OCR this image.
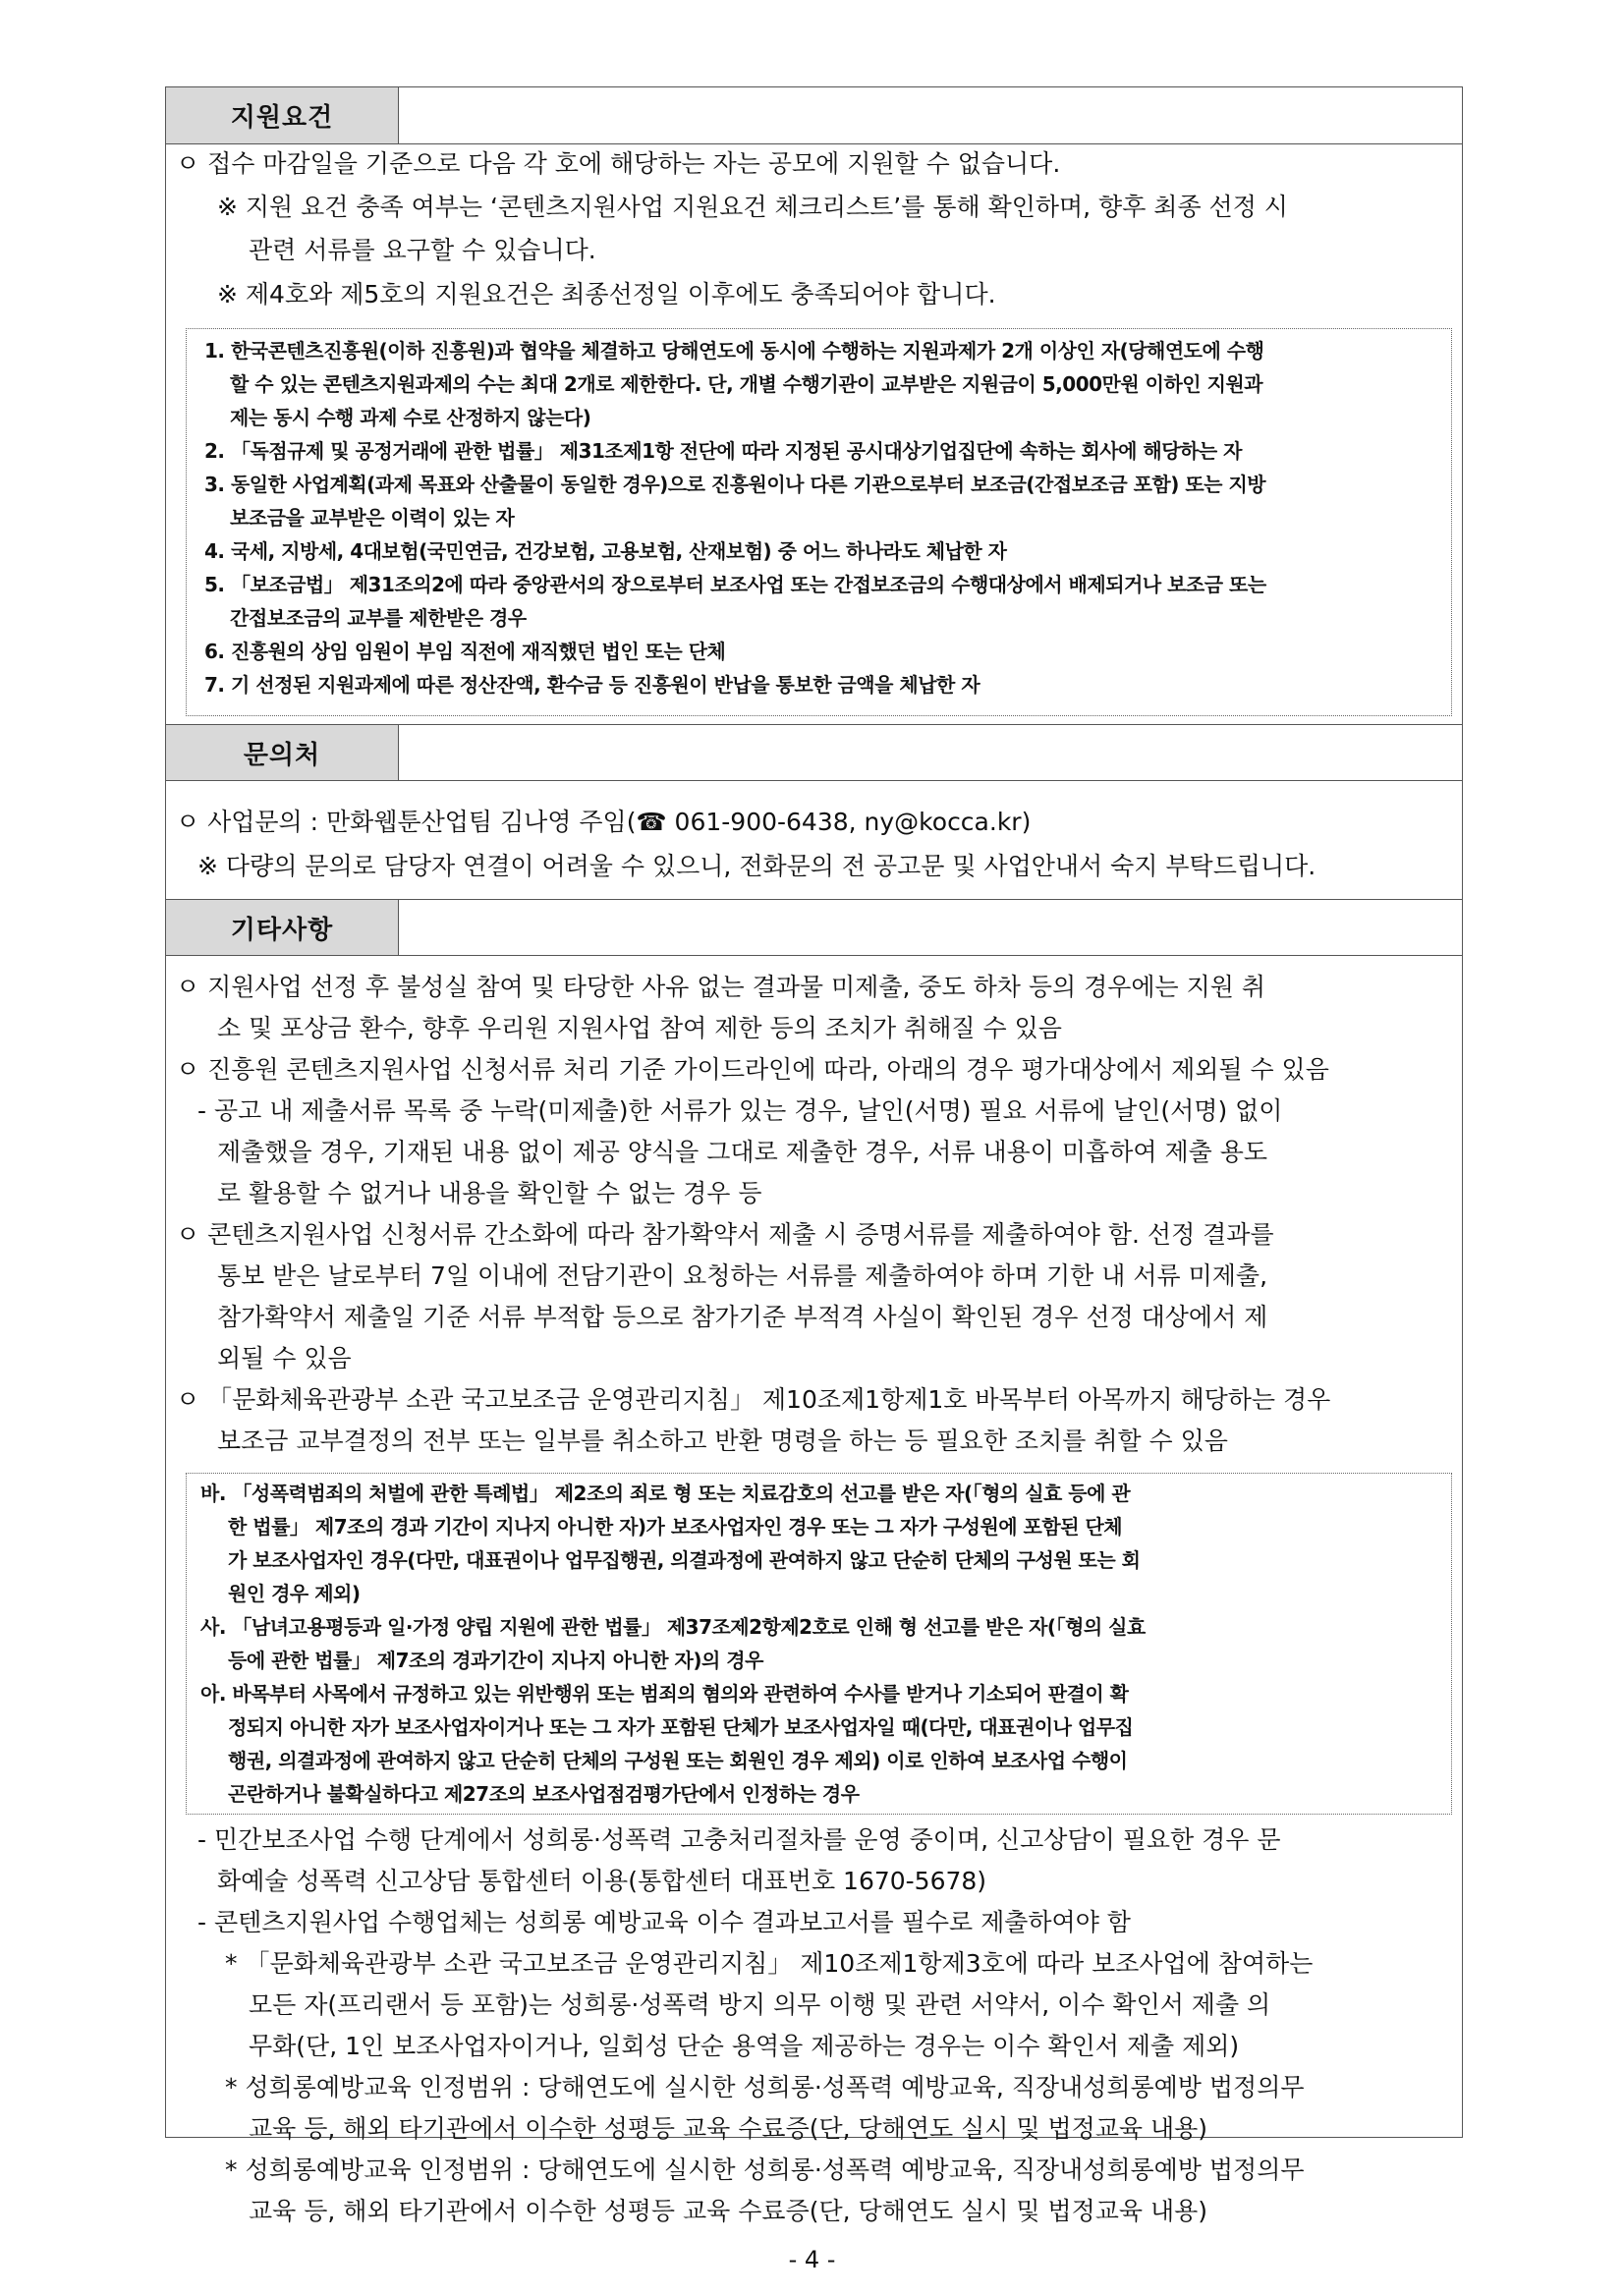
지원요건
ㅇ 접수 마감일을 기준으로 다음 각 호에 해당하는 자는 공모에 지원할 수 없습니다.
※ 지원 요건 충족 여부는 ‘콘텐츠지원사업 지원요건 체크리스트’를 통해 확인하며, 향후 최종 선정 시
관련 서류를 요구할 수 있습니다.
※ 제4호와 제5호의 지원요건은 최종선정일 이후에도 충족되어야 합니다.
1. 한국콘텐츠진흥원(이하 진흥원)과 협약을 체결하고 당해연도에 동시에 수행하는 지원과제가 2개 이상인 자(당해연도에 수행
할 수 있는 콘텐츠지원과제의 수는 최대 2개로 제한한다. 단, 개별 수행기관이 교부받은 지원금이 5,000만원 이하인 지원과
제는 동시 수행 과제 수로 산정하지 않는다)
2. 「독점규제 및 공정거래에 관한 법률」 제31조제1항 전단에 따라 지정된 공시대상기업집단에 속하는 회사에 해당하는 자
3. 동일한 사업계획(과제 목표와 산출물이 동일한 경우)으로 진흥원이나 다른 기관으로부터 보조금(간접보조금 포함) 또는 지방
보조금을 교부받은 이력이 있는 자
4. 국세, 지방세, 4대보험(국민연금, 건강보험, 고용보험, 산재보험) 중 어느 하나라도 체납한 자
5. 「보조금법」 제31조의2에 따라 중앙관서의 장으로부터 보조사업 또는 간접보조금의 수행대상에서 배제되거나 보조금 또는
간접보조금의 교부를 제한받은 경우
6. 진흥원의 상임 임원이 부임 직전에 재직했던 법인 또는 단체
7. 기 선정된 지원과제에 따른 정산잔액, 환수금 등 진흥원이 반납을 통보한 금액을 체납한 자
문의처
ㅇ 사업문의 : 만화웹툰산업팀 김나영 주임(☎ 061-900-6438, ny@kocca.kr)
※ 다량의 문의로 담당자 연결이 어려울 수 있으니, 전화문의 전 공고문 및 사업안내서 숙지 부탁드립니다.
기타사항
ㅇ 지원사업 선정 후 불성실 참여 및 타당한 사유 없는 결과물 미제출, 중도 하차 등의 경우에는 지원 취
소 및 포상금 환수, 향후 우리원 지원사업 참여 제한 등의 조치가 취해질 수 있음
ㅇ 진흥원 콘텐츠지원사업 신청서류 처리 기준 가이드라인에 따라, 아래의 경우 평가대상에서 제외될 수 있음
- 공고 내 제출서류 목록 중 누락(미제출)한 서류가 있는 경우, 날인(서명) 필요 서류에 날인(서명) 없이
제출했을 경우, 기재된 내용 없이 제공 양식을 그대로 제출한 경우, 서류 내용이 미흡하여 제출 용도
로 활용할 수 없거나 내용을 확인할 수 없는 경우 등
ㅇ 콘텐츠지원사업 신청서류 간소화에 따라 참가확약서 제출 시 증명서류를 제출하여야 함. 선정 결과를
통보 받은 날로부터 7일 이내에 전담기관이 요청하는 서류를 제출하여야 하며 기한 내 서류 미제출,
참가확약서 제출일 기준 서류 부적합 등으로 참가기준 부적격 사실이 확인된 경우 선정 대상에서 제
외될 수 있음
ㅇ 「문화체육관광부 소관 국고보조금 운영관리지침」 제10조제1항제1호 바목부터 아목까지 해당하는 경우
보조금 교부결정의 전부 또는 일부를 취소하고 반환 명령을 하는 등 필요한 조치를 취할 수 있음
바. 「성폭력범죄의 처벌에 관한 특례법」 제2조의 죄로 형 또는 치료감호의 선고를 받은 자(「형의 실효 등에 관
한 법률」 제7조의 경과 기간이 지나지 아니한 자)가 보조사업자인 경우 또는 그 자가 구성원에 포함된 단체
가 보조사업자인 경우(다만, 대표권이나 업무집행권, 의결과정에 관여하지 않고 단순히 단체의 구성원 또는 회
원인 경우 제외)
사. 「남녀고용평등과 일·가정 양립 지원에 관한 법률」 제37조제2항제2호로 인해 형 선고를 받은 자(「형의 실효
등에 관한 법률」 제7조의 경과기간이 지나지 아니한 자)의 경우
아. 바목부터 사목에서 규정하고 있는 위반행위 또는 범죄의 혐의와 관련하여 수사를 받거나 기소되어 판결이 확
정되지 아니한 자가 보조사업자이거나 또는 그 자가 포함된 단체가 보조사업자일 때(다만, 대표권이나 업무집
행권, 의결과정에 관여하지 않고 단순히 단체의 구성원 또는 회원인 경우 제외) 이로 인하여 보조사업 수행이
곤란하거나 불확실하다고 제27조의 보조사업점검평가단에서 인정하는 경우
- 민간보조사업 수행 단계에서 성희롱·성폭력 고충처리절차를 운영 중이며, 신고상담이 필요한 경우 문
화예술 성폭력 신고상담 통합센터 이용(통합센터 대표번호 1670-5678)
- 콘텐츠지원사업 수행업체는 성희롱 예방교육 이수 결과보고서를 필수로 제출하여야 함
* 「문화체육관광부 소관 국고보조금 운영관리지침」 제10조제1항제3호에 따라 보조사업에 참여하는
모든 자(프리랜서 등 포함)는 성희롱·성폭력 방지 의무 이행 및 관련 서약서, 이수 확인서 제출 의
무화(단, 1인 보조사업자이거나, 일회성 단순 용역을 제공하는 경우는 이수 확인서 제출 제외)
* 성희롱예방교육 인정범위 : 당해연도에 실시한 성희롱·성폭력 예방교육, 직장내성희롱예방 법정의무
교육 등, 해외 타기관에서 이수한 성평등 교육 수료증(단, 당해연도 실시 및 법정교육 내용)
* 성희롱예방교육 인정범위 : 당해연도에 실시한 성희롱·성폭력 예방교육, 직장내성희롱예방 법정의무
교육 등, 해외 타기관에서 이수한 성평등 교육 수료증(단, 당해연도 실시 및 법정교육 내용)
- 4 -
